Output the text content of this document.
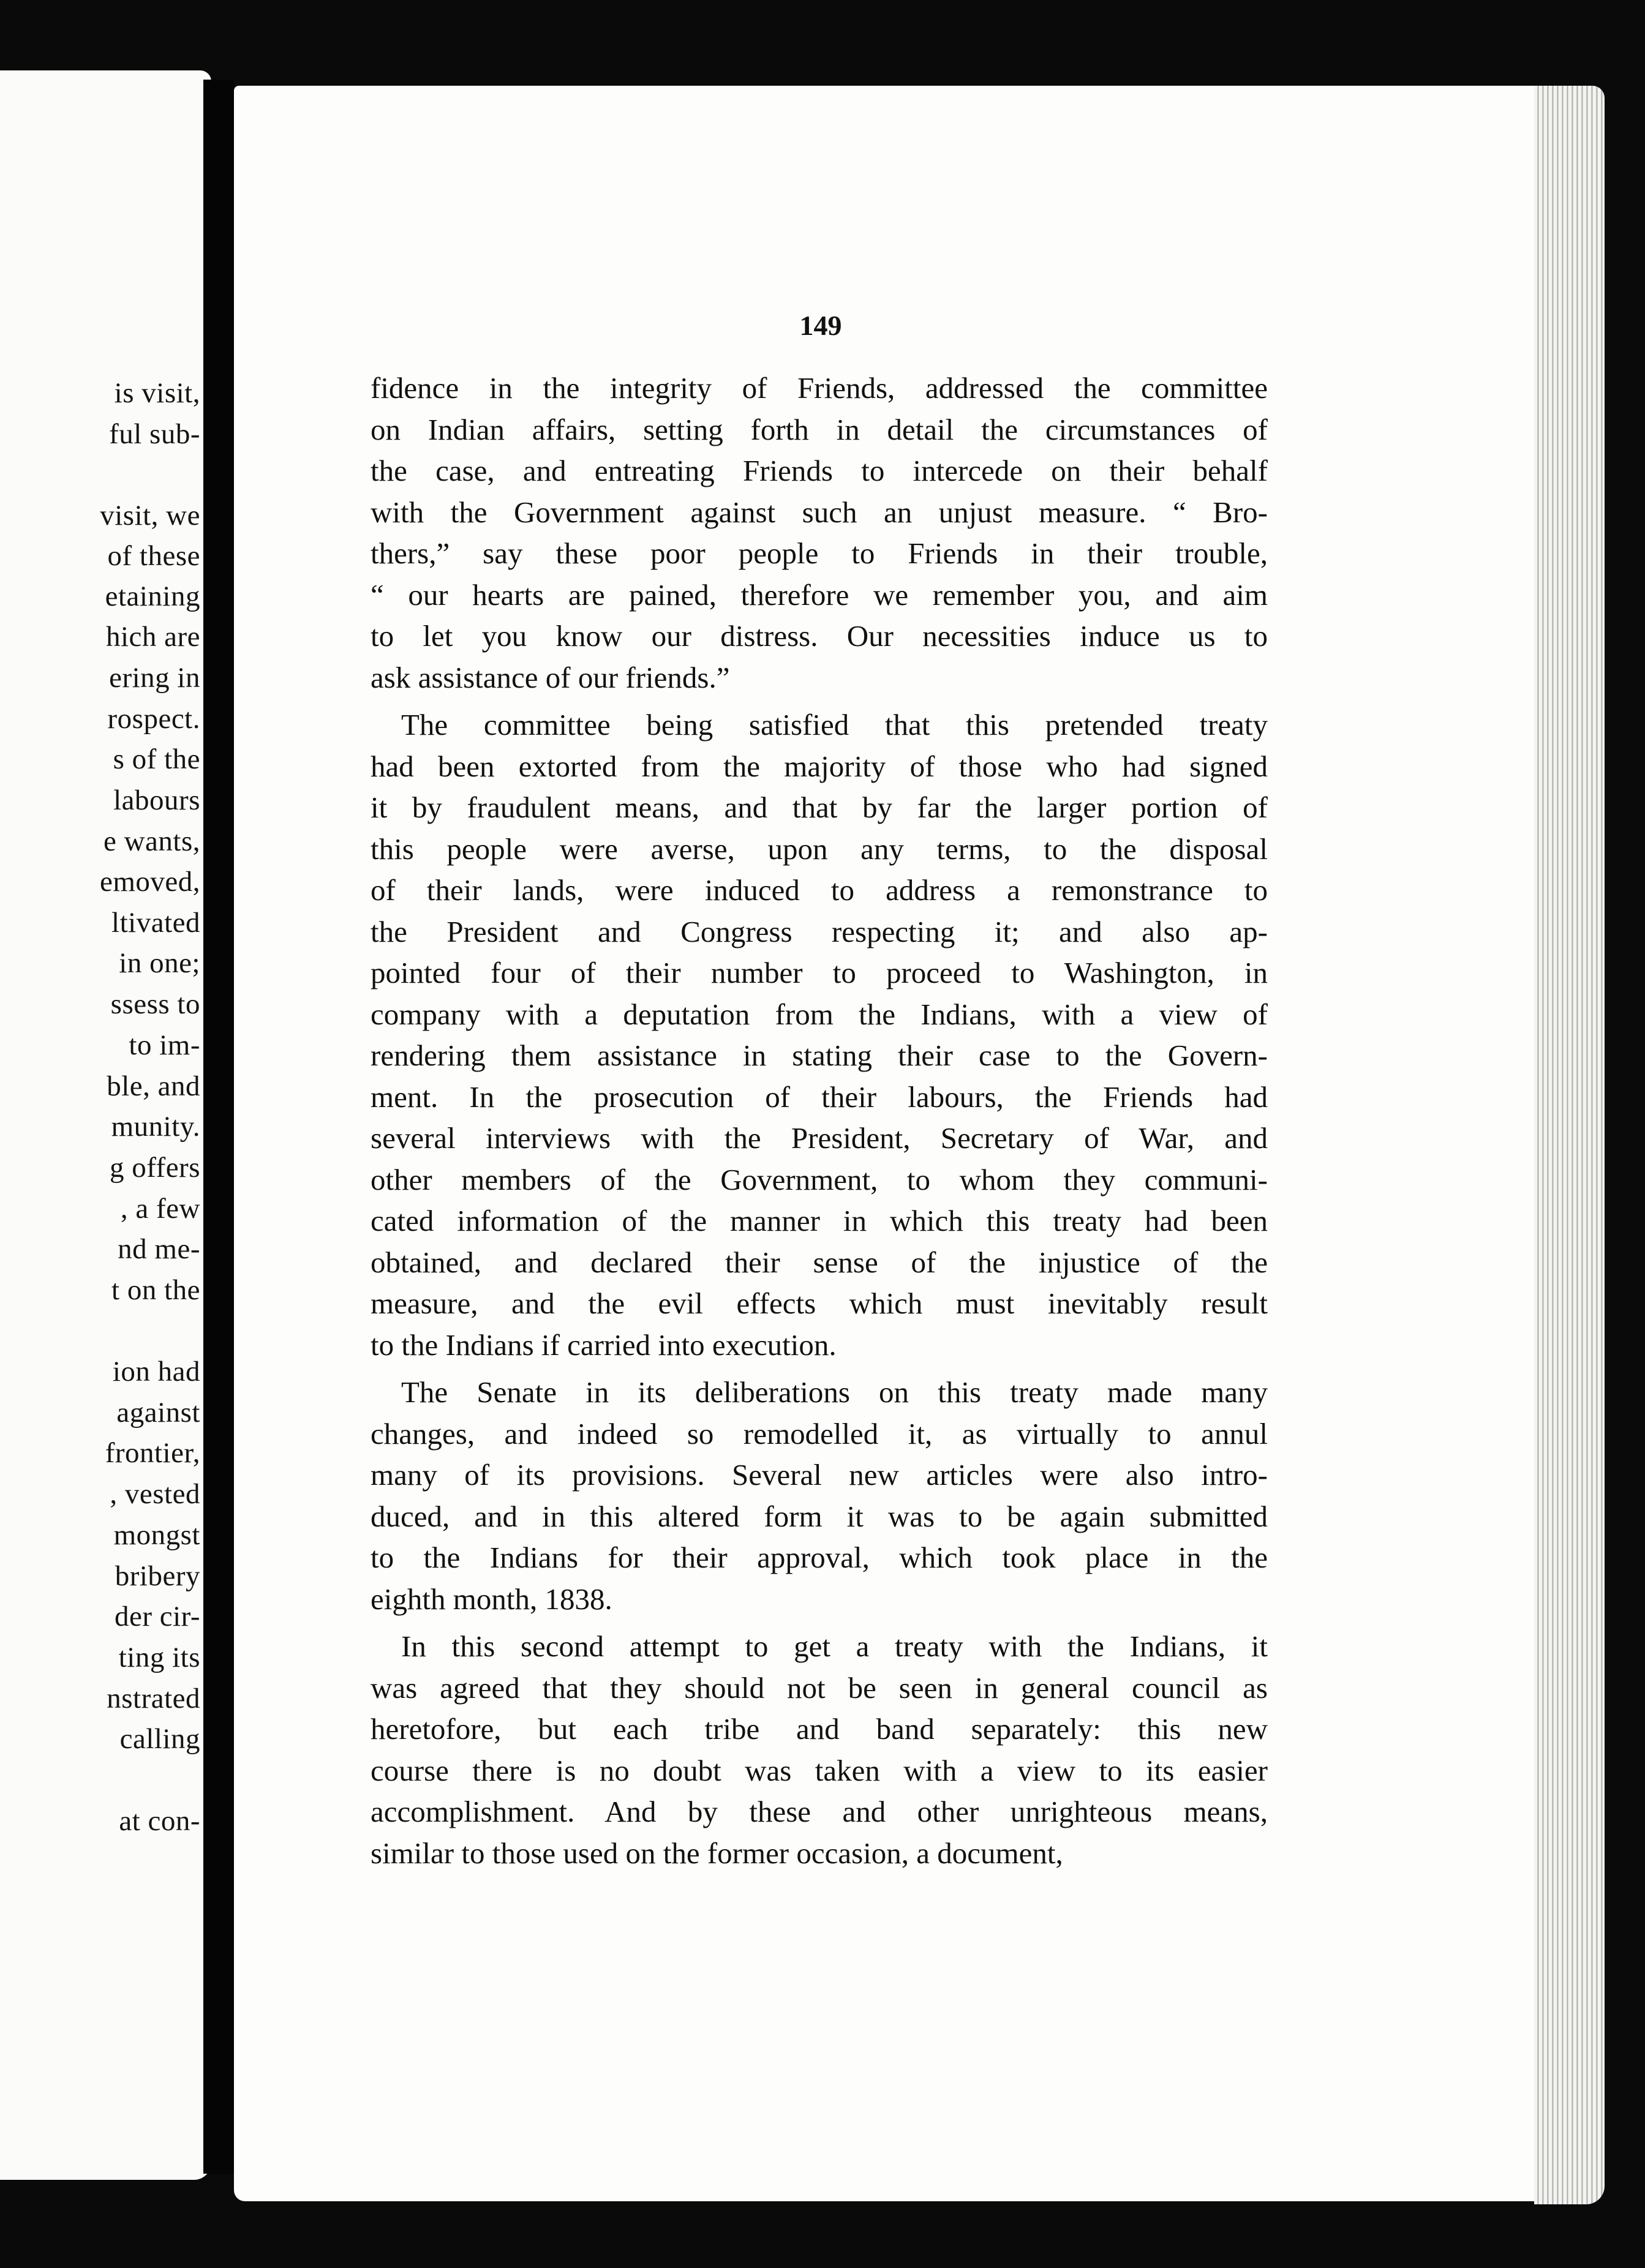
is visit,
ful sub-
visit, we
of these
etaining
hich are
ering in
rospect.
s of the
labours
e wants,
emoved,
ltivated
in one;
ssess to
to im-
ble, and
munity.
g offers
, a few
nd me-
t on the
ion had
against
frontier,
, vested
mongst
bribery
der cir-
ting its
nstrated
calling
at con-
149
fidence in the integrity of Friends, addressed the committee
on Indian affairs, setting forth in detail the circumstances of
the case, and entreating Friends to intercede on their behalf
with the Government against such an unjust measure. “ Bro-
thers,” say these poor people to Friends in their trouble,
“ our hearts are pained, therefore we remember you, and aim
to let you know our distress. Our necessities induce us to
ask assistance of our friends.”
The committee being satisfied that this pretended treaty
had been extorted from the majority of those who had signed
it by fraudulent means, and that by far the larger portion of
this people were averse, upon any terms, to the disposal
of their lands, were induced to address a remonstrance to
the President and Congress respecting it; and also ap-
pointed four of their number to proceed to Washington, in
company with a deputation from the Indians, with a view of
rendering them assistance in stating their case to the Govern-
ment. In the prosecution of their labours, the Friends had
several interviews with the President, Secretary of War, and
other members of the Government, to whom they communi-
cated information of the manner in which this treaty had been
obtained, and declared their sense of the injustice of the
measure, and the evil effects which must inevitably result
to the Indians if carried into execution.
The Senate in its deliberations on this treaty made many
changes, and indeed so remodelled it, as virtually to annul
many of its provisions. Several new articles were also intro-
duced, and in this altered form it was to be again submitted
to the Indians for their approval, which took place in the
eighth month, 1838.
In this second attempt to get a treaty with the Indians, it
was agreed that they should not be seen in general council as
heretofore, but each tribe and band separately: this new
course there is no doubt was taken with a view to its easier
accomplishment. And by these and other unrighteous means,
similar to those used on the former occasion, a document,
